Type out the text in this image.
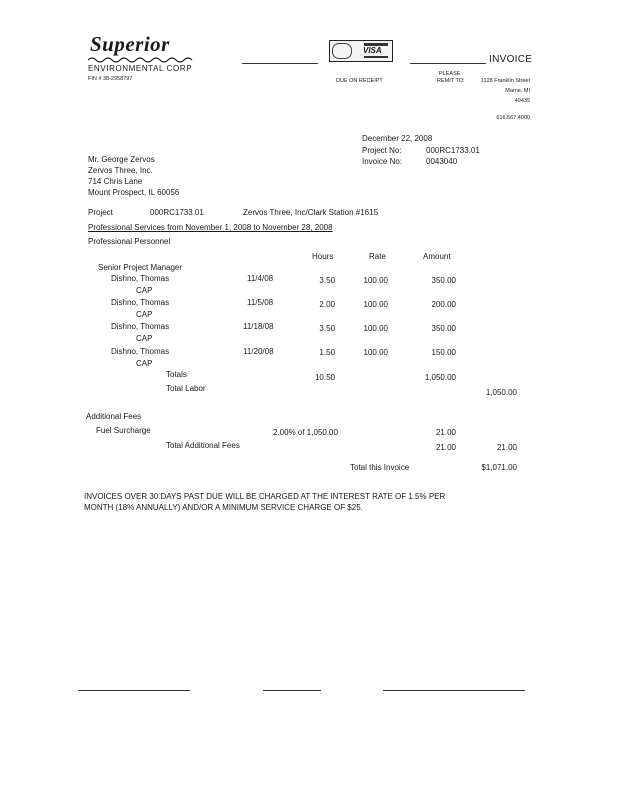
Superior
ENVIRONMENTAL CORP
FIN # 38-2958797
VISA
INVOICE
DUE ON RECEIPT
PLEASE
REMIT TO:	1128 Franklin Street
Marne, MI
49435
616.667.4000
December 22, 2008
Project No:	000RC1733.01
Invoice No:	0043040
Mr. George Zervos
Zervos Three, Inc.
714 Chris Lane
Mount Prospect, IL 60056
Project	000RC1733.01	Zervos Three, Inc/Clark Station #1615
Professional Services from November 1, 2008 to November 28, 2008
Professional Personnel
Hours	Rate	Amount
Senior Project Manager
Dishno, Thomas	11/4/08	3.50	100.00	350.00
CAP
Dishno, Thomas	11/5/08	2.00	100.00	200.00
CAP
Dishno, Thomas	11/18/08	3.50	100.00	350.00
CAP
Dishno, Thomas	11/20/08	1.50	100.00	150.00
CAP
Totals	10.50	1,050.00
Total Labor	1,050.00
Additional Fees
Fuel Surcharge	2.00% of 1,050.00	21.00
Total Additional Fees	21.00	21.00
Total this Invoice	$1,071.00
INVOICES OVER 30 DAYS PAST DUE WILL BE CHARGED AT THE INTEREST RATE OF 1.5% PER
MONTH (18% ANNUALLY) AND/OR A MINIMUM SERVICE CHARGE OF $25.
